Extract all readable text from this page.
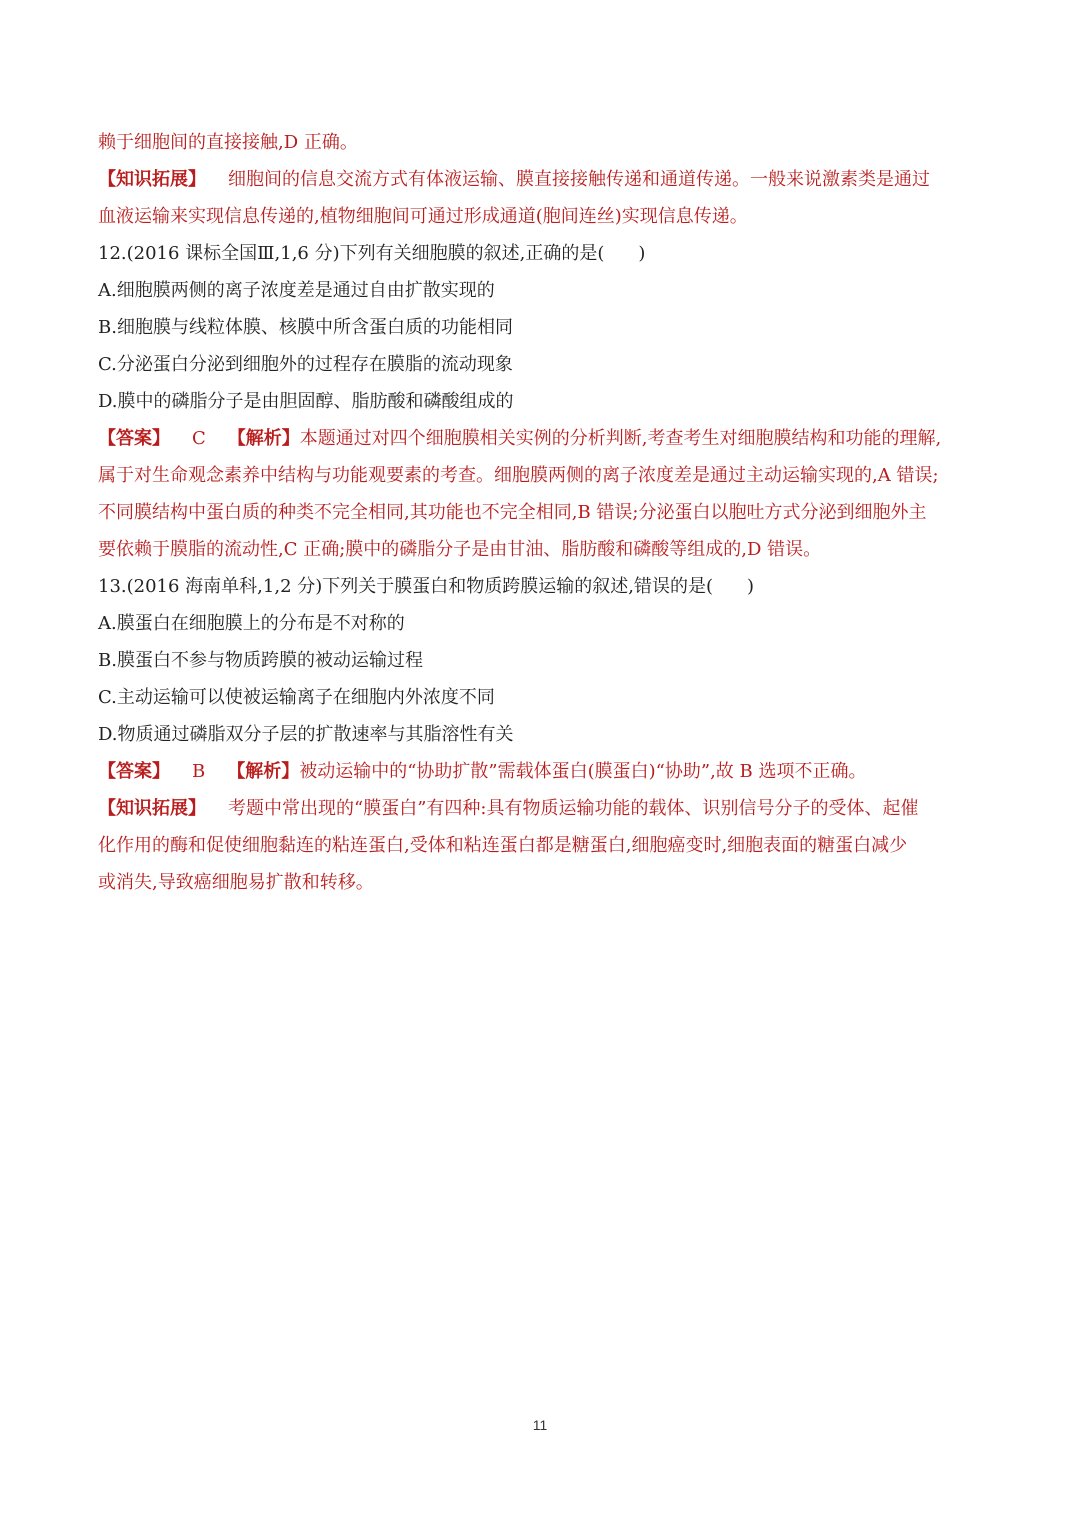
赖于细胞间的直接接触,D 正确。
【知识拓展】 细胞间的信息交流方式有体液运输、膜直接接触传递和通道传递。一般来说激素类是通过
血液运输来实现信息传递的,植物细胞间可通过形成通道(胞间连丝)实现信息传递。
12.(2016 课标全国Ⅲ,1,6 分)下列有关细胞膜的叙述,正确的是( )
A.细胞膜两侧的离子浓度差是通过自由扩散实现的
B.细胞膜与线粒体膜、核膜中所含蛋白质的功能相同
C.分泌蛋白分泌到细胞外的过程存在膜脂的流动现象
D.膜中的磷脂分子是由胆固醇、脂肪酸和磷酸组成的
【答案】 C 【解析】本题通过对四个细胞膜相关实例的分析判断,考查考生对细胞膜结构和功能的理解,
属于对生命观念素养中结构与功能观要素的考查。细胞膜两侧的离子浓度差是通过主动运输实现的,A 错误;
不同膜结构中蛋白质的种类不完全相同,其功能也不完全相同,B 错误;分泌蛋白以胞吐方式分泌到细胞外主
要依赖于膜脂的流动性,C 正确;膜中的磷脂分子是由甘油、脂肪酸和磷酸等组成的,D 错误。
13.(2016 海南单科,1,2 分)下列关于膜蛋白和物质跨膜运输的叙述,错误的是( )
A.膜蛋白在细胞膜上的分布是不对称的
B.膜蛋白不参与物质跨膜的被动运输过程
C.主动运输可以使被运输离子在细胞内外浓度不同
D.物质通过磷脂双分子层的扩散速率与其脂溶性有关
【答案】 B 【解析】被动运输中的“协助扩散”需载体蛋白(膜蛋白)“协助”,故 B 选项不正确。
【知识拓展】 考题中常出现的“膜蛋白”有四种:具有物质运输功能的载体、识别信号分子的受体、起催
化作用的酶和促使细胞黏连的粘连蛋白,受体和粘连蛋白都是糖蛋白,细胞癌变时,细胞表面的糖蛋白减少
或消失,导致癌细胞易扩散和转移。
11
